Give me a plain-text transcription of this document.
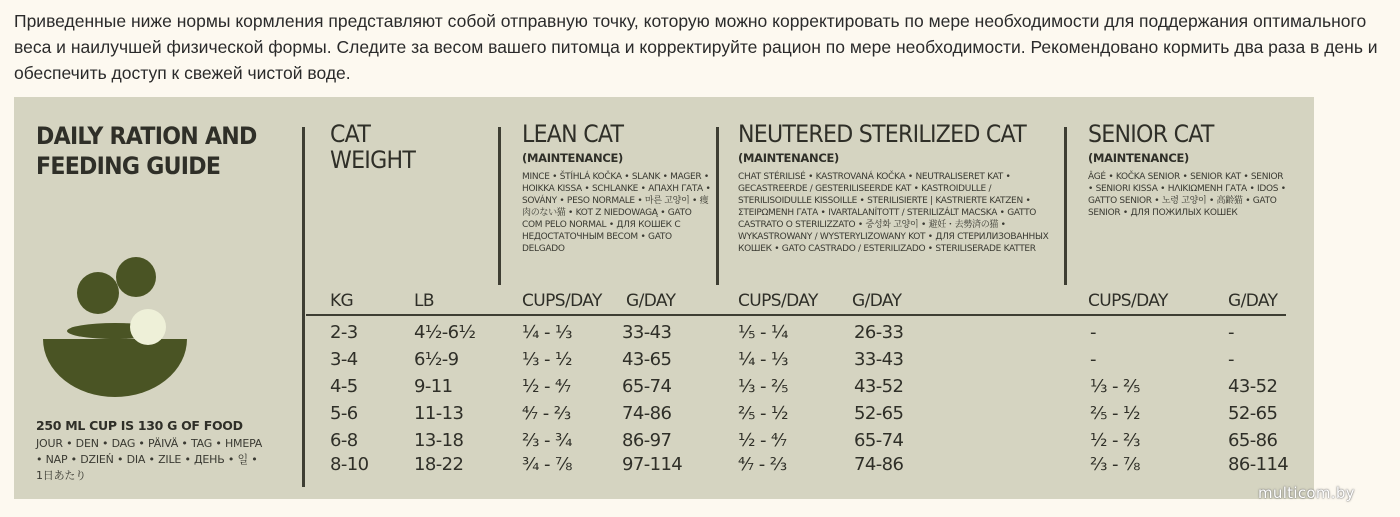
Приведенные ниже нормы кормления представляют собой отправную точку, которую можно корректировать по мере необходимости для поддержания оптимального веса и наилучшей физической формы. Следите за весом вашего питомца и корректируйте рацион по мере необходимости. Рекомендовано кормить два раза в день и обеспечить доступ к свежей чистой воде.

DAILY RATION AND
FEEDING GUIDE
250 ML CUP IS 130 G OF FOOD
JOUR • DEN • DAG • PÄIVÄ • TAG • HMEPA • NAP • DZIEŃ • DIA • ZILE • ДЕНЬ • 일 • 1日あたり
CAT
WEIGHT
LEAN CAT
(MAINTENANCE)
MINCE • ŠTÍHLÁ KOČKA • SLANK • MAGER • HOIKKA KISSA • SCHLANKE • ΑΠΑΧΗ ΓΑΤΑ • SOVÁNY • PESO NORMALE • 마른 고양이 • 痩肉のない猫 • KOT Z NIEDOWAGĄ • GATO COM PELO NORMAL • ДЛЯ КОШЕК С НЕДОСТАТОЧНЫМ ВЕСОМ • GATO DELGADO
NEUTERED STERILIZED CAT
(MAINTENANCE)
CHAT STÉRILISÉ • KASTROVANÁ KOČKA • NEUTRALISERET KAT • GECASTREERDE / GESTERILISEERDE KAT • KASTROIDULLE / STERILISOIDULLE KISSOILLE • STERILISIERTE | KASTRIERTE KATZEN • ΣΤΕΙΡΩΜΕΝΗ ΓΑΤΑ • IVARTALANÍTOTT / STERILIZÁLT MACSKA • GATTO CASTRATO O STERILIZZATO • 중성화 고양이 • 避妊・去勢済の猫 • WYKASTROWANY / WYSTERYLIZOWANY KOT • ДЛЯ СТЕРИЛИЗОВАННЫХ КОШЕК • GATO CASTRADO / ESTERILIZADO • STERILISERADE KATTER
SENIOR CAT
(MAINTENANCE)
ÂGÉ • KOČKA SENIOR • SENIOR KAT • SENIOR • SENIORI KISSA • ΗΛΙΚΙΩΜΕΝΗ ΓΑΤΑ • IDOS • GATTO SENIOR • 노령 고양이 • 高齢猫 • GATO SENIOR • ДЛЯ ПОЖИЛЫХ КОШЕК
KG	LB	CUPS/DAY G/DAY	CUPS/DAY G/DAY	CUPS/DAY	G/DAY
2-3	4½-6½	¼ - ⅓	33-43	⅕ - ¼	26-33	-	-
3-4	6½-9	⅓ - ½	43-65	¼ - ⅓	33-43	-	-
4-5	9-11	½ - ⁴⁄₇	65-74	⅓ - ⅖	43-52	⅓ - ⅖	43-52
5-6	11-13	⁴⁄₇ - ⅔	74-86	⅖ - ½	52-65	⅖ - ½	52-65
6-8	13-18	⅔ - ¾	86-97	½ - ⁴⁄₇	65-74	½ - ⅔	65-86
8-10	18-22	¾ - ⅞	97-114	⁴⁄₇ - ⅔	74-86	⅔ - ⅞	86-114
multicom.by
